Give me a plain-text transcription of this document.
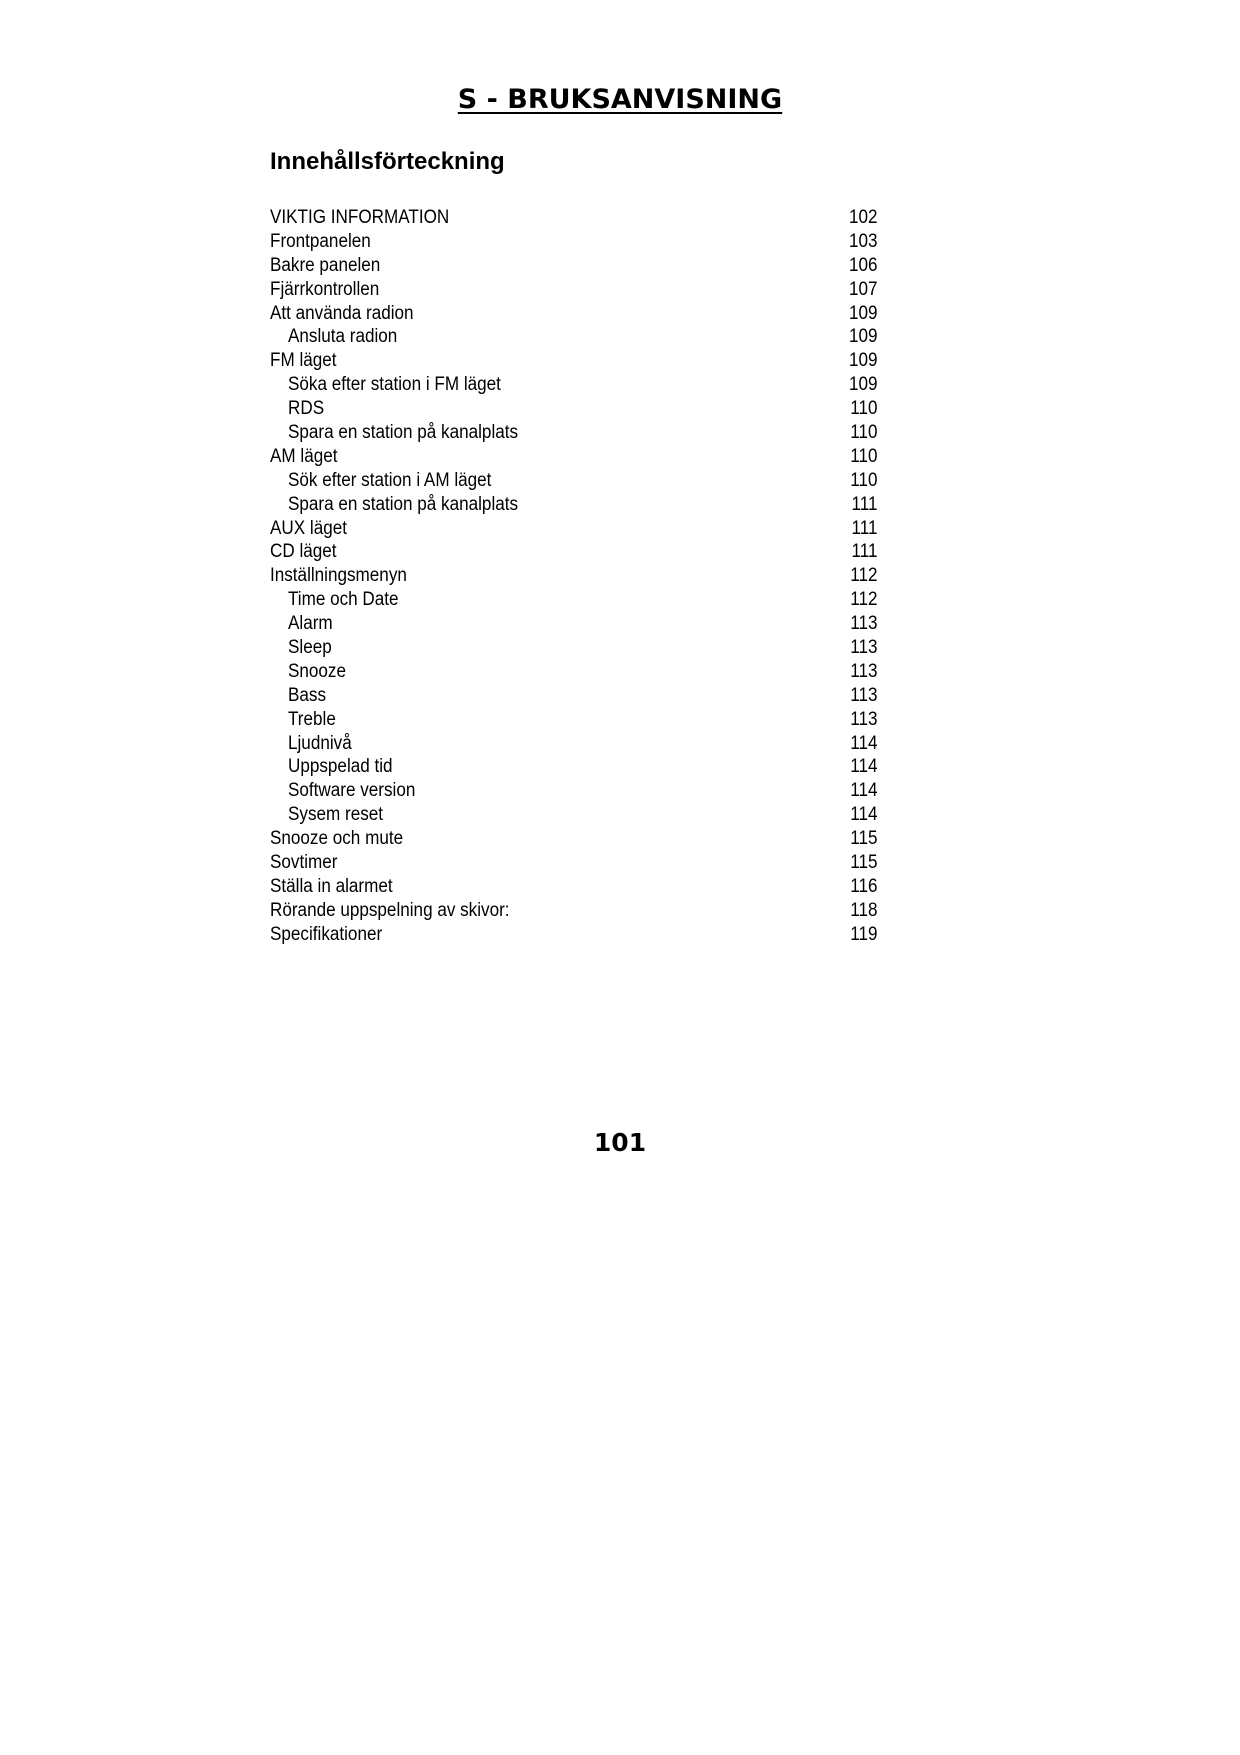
S - BRUKSANVISNING
Innehållsförteckning
VIKTIG INFORMATION	102
Frontpanelen	103
Bakre panelen	106
Fjärrkontrollen	107
Att använda radion	109
Ansluta radion	109
FM läget	109
Söka efter station i FM läget	109
RDS	110
Spara en station på kanalplats	110
AM läget	110
Sök efter station i AM läget	110
Spara en station på kanalplats	111
AUX läget	111
CD läget	111
Inställningsmenyn	112
Time och Date	112
Alarm	113
Sleep	113
Snooze	113
Bass	113
Treble	113
Ljudnivå	114
Uppspelad tid	114
Software version	114
Sysem reset	114
Snooze och mute	115
Sovtimer	115
Ställa in alarmet	116
Rörande uppspelning av skivor:	118
Specifikationer	119
101
